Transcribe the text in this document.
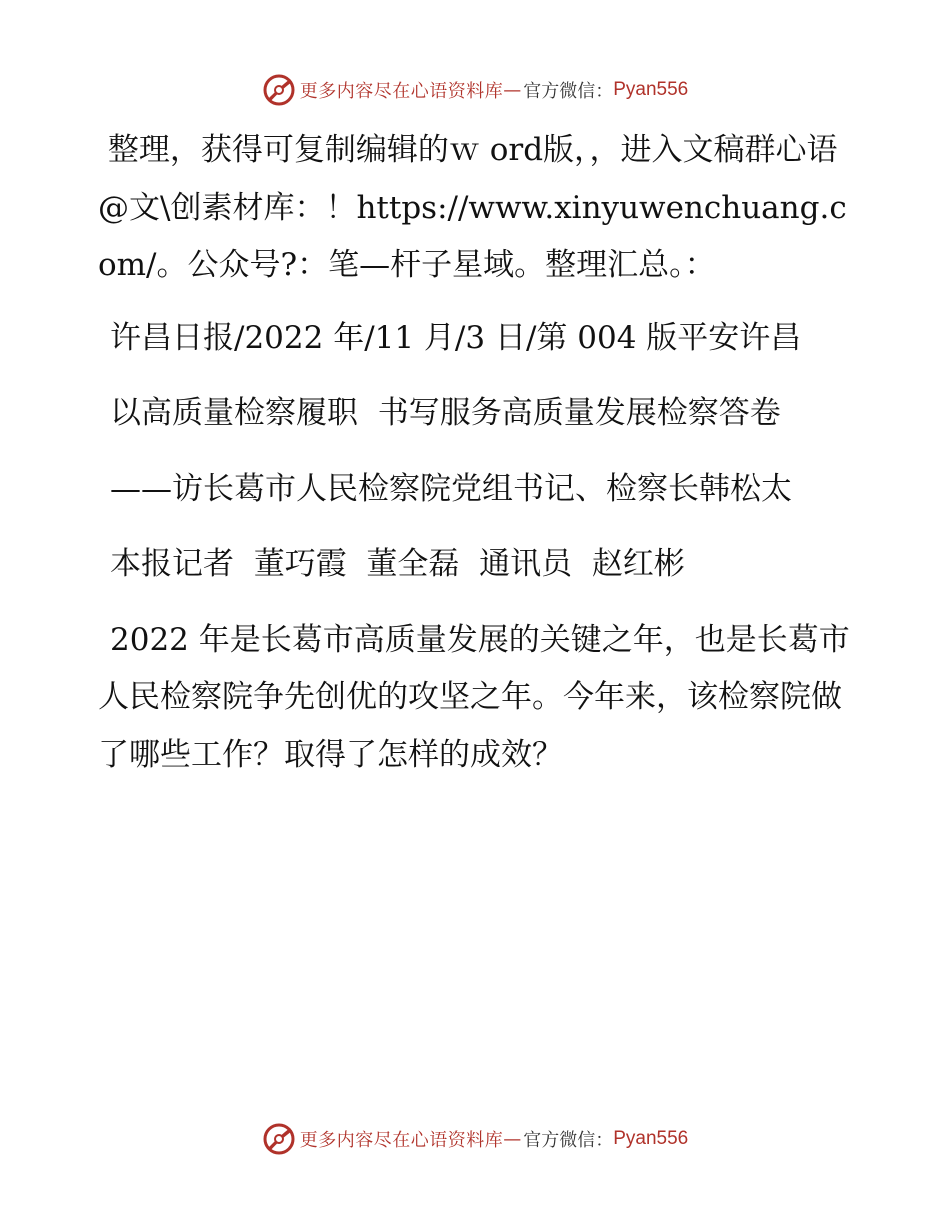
更多内容尽在心语资料库 — 官方微信： Pyan556

整理，获得可复制编辑的ｗ ord版，，进入文稿群心语@文\创素材库：！https://www.xinyuwenchuang.com/。公众号?：笔—杆子星域。整理汇总。：

许昌日报/2022 年/11 月/3 日/第 004 版平安许昌

以高质量检察履职  书写服务高质量发展检察答卷

——访长葛市人民检察院党组书记、检察长韩松太

本报记者  董巧霞  董全磊  通讯员  赵红彬

2022 年是长葛市高质量发展的关键之年，也是长葛市人民检察院争先创优的攻坚之年。今年来，该检察院做了哪些工作？取得了怎样的成效？

更多内容尽在心语资料库 — 官方微信： Pyan556
